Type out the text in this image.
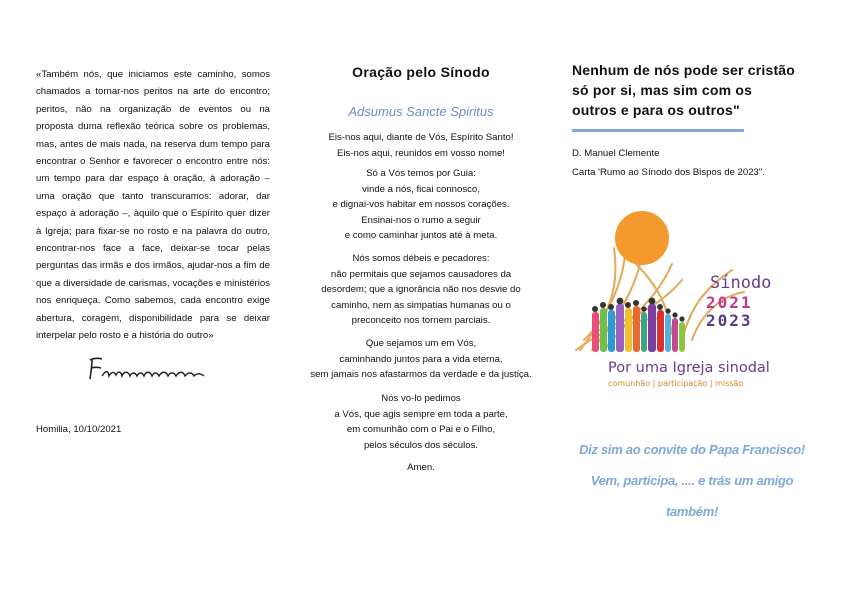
«Também nós, que iniciamos este caminho, somos chamados a tornar-nos peritos na arte do encontro; peritos, não na organização de eventos ou na proposta duma reflexão teórica sobre os problemas, mas, antes de mais nada, na reserva dum tempo para encontrar o Senhor e favorecer o encontro entre nós: um tempo para dar espaço à oração, à adoração – uma oração que tanto transcuramos: adorar, dar espaço à adoração –, àquilo que o Espírito quer dizer à Igreja; para fixar-se no rosto e na palavra do outro, encontrar-nos face a face, deixar-se tocar pelas perguntas das irmãs e dos irmãos, ajudar-nos a fim de que a diversidade de carismas, vocações e ministérios nos enriqueça. Como sabemos, cada encontro exige abertura, coragem, disponibilidade para se deixar interpelar pelo rosto e a história do outro»

Homilia, 10/10/2021
Oração pelo Sínodo
Adsumus Sancte Spiritus
Eis-nos aqui, diante de Vós, Espírito Santo!
Eis-nos aqui, reunidos em vosso nome!
Só a Vós temos por Guia:
vinde a nós, ficai connosco,
e dignai-vos habitar em nossos corações.
Ensinai-nos o rumo a seguir
e como caminhar juntos até à meta.
Nós somos débeis e pecadores:
não permitais que sejamos causadores da
desordem; que a ignorância não nos desvie do
caminho, nem as simpatias humanas ou o
preconceito nos tornem parciais.
Que sejamos um em Vós,
caminhando juntos para a vida eterna,
sem jamais nos afastarmos da verdade e da justiça.
Nós vo-lo pedimos
a Vós, que agis sempre em toda a parte,
em comunhão com o Pai e o Filho,
pelos séculos dos séculos.
Amen.
Nenhum de nós pode ser cristão
só por si, mas sim com os
outros e para os outros"
D. Manuel Clemente
Carta 'Rumo ao Sínodo dos Bispos de 2023".
Sínodo
2021
2023
Por uma Igreja sinodal
comunhão | participação | missão
Diz sim ao convite do Papa Francisco!
Vem, participa, .... e trás um amigo
também!
